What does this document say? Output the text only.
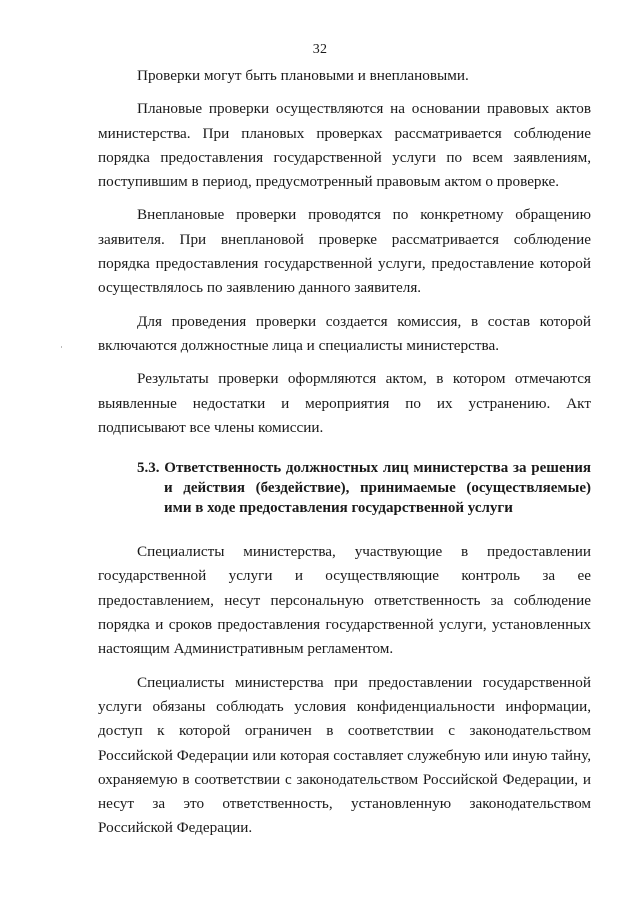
32

Проверки могут быть плановыми и внеплановыми.

Плановые проверки осуществляются на основании правовых актов министерства. При плановых проверках рассматривается соблюдение порядка предоставления государственной услуги по всем заявлениям, поступившим в период, предусмотренный правовым актом о проверке.

Внеплановые проверки проводятся по конкретному обращению заявителя. При внеплановой проверке рассматривается соблюдение порядка предоставления государственной услуги, предоставление которой осуществлялось по заявлению данного заявителя.

Для проведения проверки создается комиссия, в состав которой включаются должностные лица и специалисты министерства.

Результаты проверки оформляются актом, в котором отмечаются выявленные недостатки и мероприятия по их устранению. Акт подписывают все члены комиссии.

5.3. Ответственность должностных лиц министерства за решения и действия (бездействие), принимаемые (осуществляемые) ими в ходе предоставления государственной услуги

Специалисты министерства, участвующие в предоставлении государственной услуги и осуществляющие контроль за ее предоставлением, несут персональную ответственность за соблюдение порядка и сроков предоставления государственной услуги, установленных настоящим Административным регламентом.

Специалисты министерства при предоставлении государственной услуги обязаны соблюдать условия конфиденциальности информации, доступ к которой ограничен в соответствии с законодательством Российской Федерации или которая составляет служебную или иную тайну, охраняемую в соответствии с законодательством Российской Федерации, и несут за это ответственность, установленную законодательством Российской Федерации.
